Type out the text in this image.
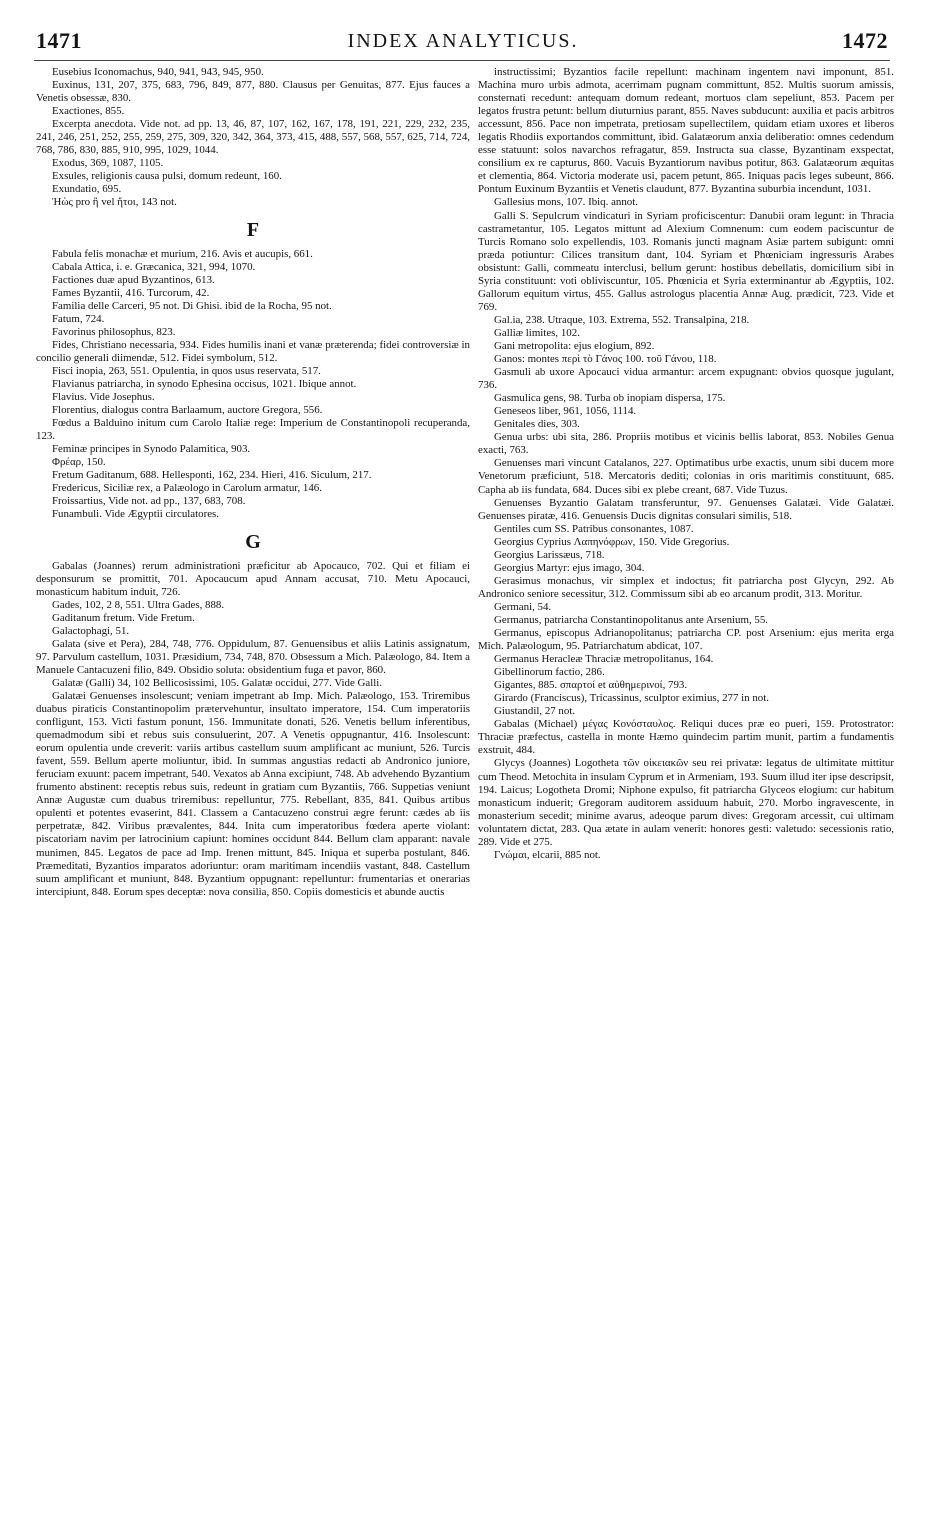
1471	INDEX ANALYTICUS.	1472

Eusebius Iconomachus, 940, 941, 943, 945, 950.

Euxinus, 131, 207, 375, 683, 796, 849, 877, 880. Clausus per Genuitas, 877. Ejus fauces a Venetis obsessæ, 830.

Exactiones, 855.

Excerpta anecdota. Vide not. ad pp. 13, 46, 87, 107, 162, 167, 178, 191, 221, 229, 232, 235, 241, 246, 251, 252, 255, 259, 275, 309, 320, 342, 364, 373, 415, 488, 557, 568, 557, 625, 714, 724, 768, 786, 830, 885, 910, 995, 1029, 1044.

Exodus, 369, 1087, 1105.

Exsules, religionis causa pulsi, domum redeunt, 160.

Exundatio, 695.

Ἠὼς pro ἢ vel ἤτοι, 143 not.

F

Fabula felis monachæ et murium, 216. Avis et aucupis, 661.

Cabala Attica, i. e. Græcanica, 321, 994, 1070.

Factiones duæ apud Byzantinos, 613.

Fames Byzantii, 416. Turcorum, 42.

Familia delle Carceri, 95 not. Di Ghisi. ibid de la Rocha, 95 not.

Fatum, 724.

Favorinus philosophus, 823.

Fides, Christiano necessaria, 934. Fides humilis inani et vanæ præterenda; fidei controversiæ in concilio generali diimendæ, 512. Fidei symbolum, 512.

Fisci inopia, 263, 551. Opulentia, in quos usus reservata, 517.

Flavianus patriarcha, in synodo Ephesina occisus, 1021. Ibique annot.

Flavius. Vide Josephus.

Florentius, dialogus contra Barlaamum, auctore Gregora, 556.

Fœdus a Balduino initum cum Carolo Italiæ rege: Imperium de Constantinopoli recuperanda, 123.

Feminæ principes in Synodo Palamitica, 903.

Φρέαρ, 150.

Fretum Gaditanum, 688. Hellesponti, 162, 234. Hieri, 416. Siculum, 217.

Fredericus, Siciliæ rex, a Palæologo in Carolum armatur, 146.

Froissartius, Vide not. ad pp., 137, 683, 708.

Funambuli. Vide Ægyptii circulatores.

G

Gabalas (Joannes) rerum administrationi præficitur ab Apocauco, 702. Qui et filiam ei desponsurum se promittit, 701. Apocaucum apud Annam accusat, 710. Metu Apocauci, monasticum habitum induit, 726.

Gades, 102, 2 8, 551. Ultra Gades, 888.

Gaditanum fretum. Vide Fretum.

Galactophagi, 51.

Galata (sive et Pera), 284, 748, 776. Oppidulum, 87. Genuensibus et aliis Latinis assignatum, 97. Parvulum castellum, 1031. Præsidium, 734, 748, 870. Obsessum a Mich. Palæologo, 84. Item a Manuele Cantacuzeni filio, 849. Obsidio soluta: obsidentium fuga et pavor, 860.

Galatæ (Galli) 34, 102 Bellicosissimi, 105. Galatæ occidui, 277. Vide Galli.

Galatæi Genuenses insolescunt; veniam impetrant ab Imp. Mich. Palæologo, 153. Triremibus duabus piraticis Constantinopolim prætervehuntur, insultato imperatore, 154. Cum imperatoriis confligunt, 153. Victi fastum ponunt, 156. Immunitate donati, 526. Venetis bellum inferentibus, quemadmodum sibi et rebus suis consuluerint, 207. A Venetis oppugnantur, 416. Insolescunt: eorum opulentia unde creverit: variis artibus castellum suum amplificant ac muniunt, 526. Turcis favent, 559. Bellum aperte moliuntur, ibid. In summas angustias redacti ab Andronico juniore, feruciam exuunt: pacem impetrant, 540. Vexatos ab Anna excipiunt, 748. Ab advehendo Byzantium frumento abstinent: receptis rebus suis, redeunt in gratiam cum Byzantiis, 766. Suppetias veniunt Annæ Augustæ cum duabus triremibus: repelluntur, 775. Rebellant, 835, 841. Quibus artibus opulenti et potentes evaserint, 841. Classem a Cantacuzeno construi ægre ferunt: cædes ab iis perpetratæ, 842. Viribus prævalentes, 844. Inita cum imperatoribus fœdera aperte violant: piscatoriam navim per latrocinium capiunt: homines occidunt 844. Bellum clam apparant: navale munimen, 845. Legatos de pace ad Imp. Irenen mittunt, 845. Iniqua et superba postulant, 846. Præmeditati, Byzantios imparatos adoriuntur: oram maritimam incendiis vastant, 848. Castellum suum amplificant et muniunt, 848. Byzantium oppugnant: repelluntur: frumentarias et onerarias intercipiunt, 848. Eorum spes deceptæ: nova consilia, 850. Copiis domesticis et abunde auctis

instructissimi; Byzantios facile repellunt: machinam ingentem navi imponunt, 851. Machina muro urbis admota, acerrimam pugnam committunt, 852. Multis suorum amissis, consternati recedunt: antequam domum redeant, mortuos clam sepeliunt, 853. Pacem per legatos frustra petunt: bellum diuturnius parant, 855. Naves subducunt: auxilia et pacis arbitros accessunt, 856. Pace non impetrata, pretiosam supellectilem, quidam etiam uxores et liberos legatis Rhodiis exportandos committunt, ibid. Galatæorum anxia deliberatio: omnes cedendum esse statuunt: solos navarchos refragatur, 859. Instructa sua classe, Byzantinam exspectat, consilium ex re capturus, 860. Vacuis Byzantiorum navibus potitur, 863. Galatæorum æquitas et clementia, 864. Victoria moderate usi, pacem petunt, 865. Iniquas pacis leges subeunt, 866. Pontum Euxinum Byzantiis et Venetis claudunt, 877. Byzantina suburbia incendunt, 1031.

Gallesius mons, 107. Ibiq. annot.

Galli S. Sepulcrum vindicaturi in Syriam proficiscentur: Danubii oram legunt: in Thracia castrametantur, 105. Legatos mittunt ad Alexium Comnenum: cum eodem paciscuntur de Turcis Romano solo expellendis, 103. Romanis juncti magnam Asiæ partem subigunt: omni præda potiuntur: Cilices transitum dant, 104. Syriam et Phœniciam ingressuris Arabes obsistunt: Galli, commeatu interclusi, bellum gerunt: hostibus debellatis, domicilium sibi in Syria constituunt: voti obliviscuntur, 105. Phœnicia et Syria exterminantur ab Ægyptiis, 102. Gallorum equitum virtus, 455. Gallus astrologus placentia Annæ Aug. prædicit, 723. Vide et 769.

Gal.ia, 238. Utraque, 103. Extrema, 552. Transalpina, 218.

Galliæ limites, 102.

Gani metropolita: ejus elogium, 892.

Ganos: montes περὶ τὸ Γάνος 100. τοῦ Γάνου, 118.

Gasmuli ab uxore Apocauci vidua armantur: arcem expugnant: obvios quosque jugulant, 736.

Gasmulica gens, 98. Turba ob inopiam dispersa, 175.

Geneseos liber, 961, 1056, 1114.

Genitales dies, 303.

Genua urbs: ubi sita, 286. Propriis motibus et vicinis bellis laborat, 853. Nobiles Genua exacti, 763.

Genuenses mari vincunt Catalanos, 227. Optimatibus urbe exactis, unum sibi ducem more Venetorum præficiunt, 518. Mercatoris dediti; colonias in oris maritimis constituunt, 685. Capha ab iis fundata, 684. Duces sibi ex plebe creant, 687. Vide Tuzus.

Genuenses Byzantio Galatam transferuntur, 97. Genuenses Galatæi. Vide Galatæi. Genuenses piratæ, 416. Genuensis Ducis dignitas consulari similis, 518.

Gentiles cum SS. Patribus consonantes, 1087.

Georgius Cyprius Λαπηνόφρων, 150. Vide Gregorius.

Georgius Larissæus, 718.

Georgius Martyr: ejus imago, 304.

Gerasimus monachus, vir simplex et indoctus; fit patriarcha post Glycyn, 292. Ab Andronico seniore secessitur, 312. Commissum sibi ab eo arcanum prodit, 313. Moritur.

Germani, 54.

Germanus, patriarcha Constantinopolitanus ante Arsenium, 55.

Germanus, episcopus Adrianopolitanus; patriarcha CP. post Arsenium: ejus merita erga Mich. Palæologum, 95. Patriarchatum abdicat, 107.

Germanus Heracleæ Thraciæ metropolitanus, 164.

Gibellinorum factio, 286.

Gigantes, 885. σπαρτοί et αὐθημερινοί, 793.

Girardo (Franciscus), Tricassinus, sculptor eximius, 277 in not.

Giustandil, 27 not.

Gabalas (Michael) μέγας Κονόσταυλος. Reliqui duces præ eo pueri, 159. Protostrator: Thraciæ præfectus, castella in monte Hæmo quindecim partim munit, partim a fundamentis exstruit, 484.

Glycys (Joannes) Logotheta τῶν οἰκειακῶν seu rei privatæ: legatus de ultimitate mittitur cum Theod. Metochita in insulam Cyprum et in Armeniam, 193. Suum illud iter ipse descripsit, 194. Laicus; Logotheta Dromi; Niphone expulso, fit patriarcha Glyceos elogium: cur habitum monasticum induerit; Gregoram auditorem assiduum habuit, 270. Morbo ingravescente, in monasterium secedit; minime avarus, adeoque parum dives: Gregoram arcessit, cui ultimam voluntatem dictat, 283. Qua ætate in aulam venerit: honores gesti: valetudo: secessionis ratio, 289. Vide et 275.

Γνώμαι, elcarii, 885 not.
